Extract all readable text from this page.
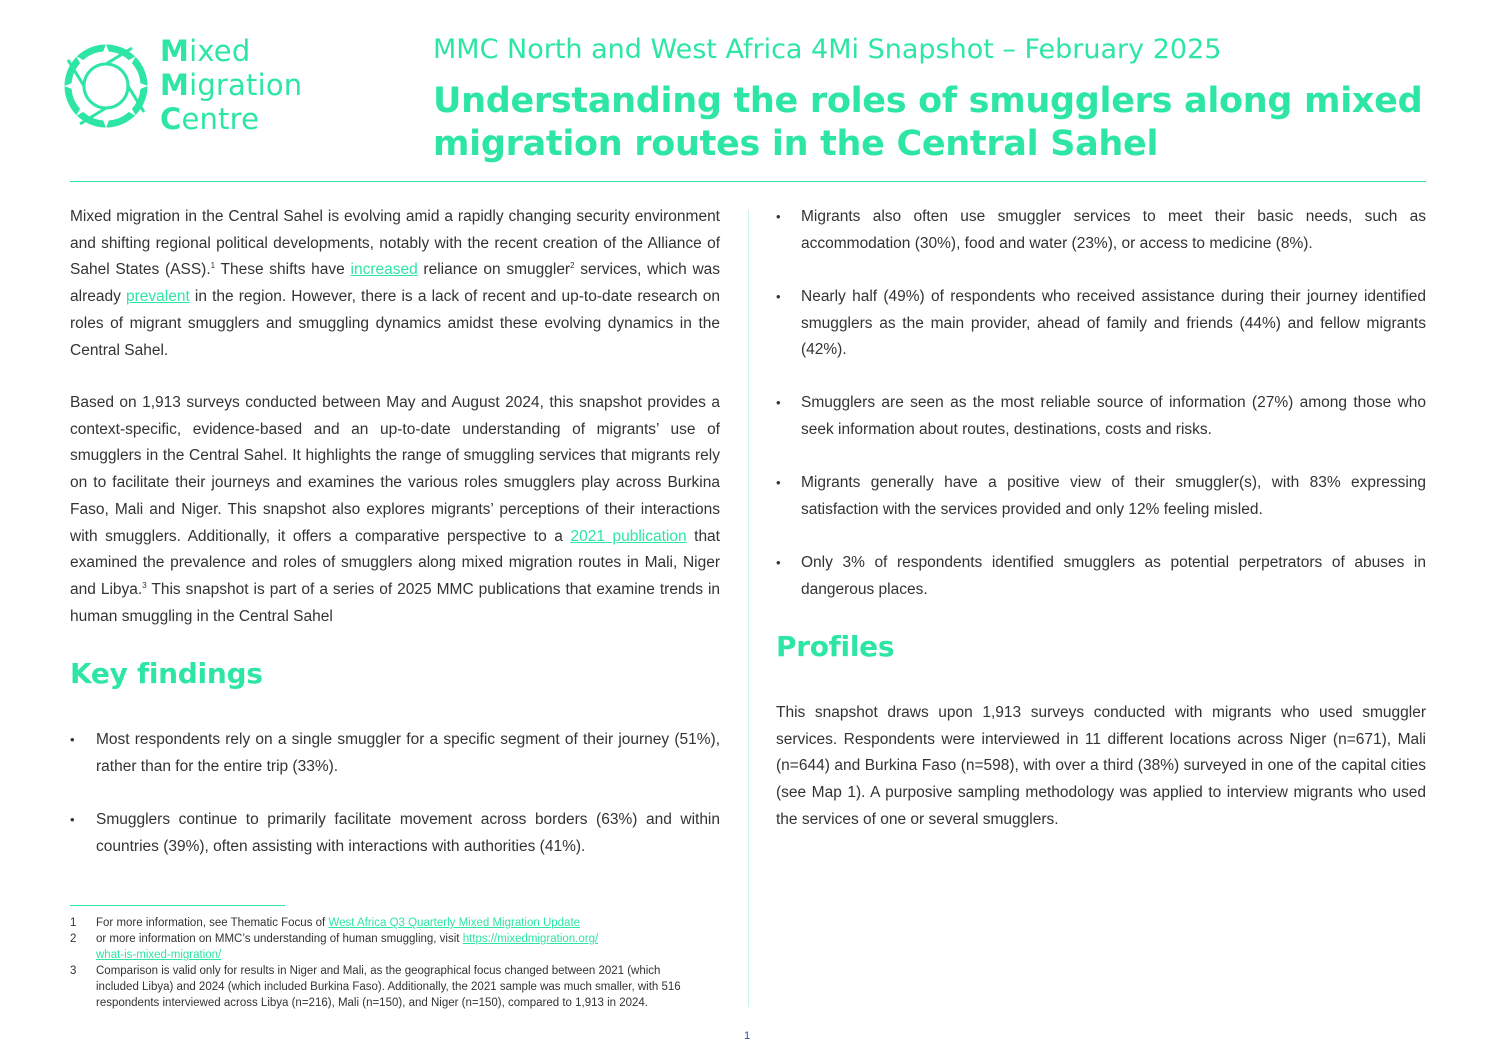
Mixed
Migration
Centre
MMC North and West Africa 4Mi Snapshot – February 2025
Understanding the roles of smugglers along mixed migration routes in the Central Sahel
Mixed migration in the Central Sahel is evolving amid a rapidly changing security environment and shifting regional political developments, notably with the recent creation of the Alliance of Sahel States (ASS).$^1$ These shifts have increased reliance on smuggler$^2$ services, which was already prevalent in the region. However, there is a lack of recent and up-to-date research on roles of migrant smugglers and smuggling dynamics amidst these evolving dynamics in the Central Sahel.
Based on 1,913 surveys conducted between May and August 2024, this snapshot provides a context-specific, evidence-based and an up-to-date understanding of migrants’ use of smugglers in the Central Sahel. It highlights the range of smuggling services that migrants rely on to facilitate their journeys and examines the various roles smugglers play across Burkina Faso, Mali and Niger. This snapshot also explores migrants’ perceptions of their interactions with smugglers. Additionally, it offers a comparative perspective to a 2021 publication that examined the prevalence and roles of smugglers along mixed migration routes in Mali, Niger and Libya.$^3$ This snapshot is part of a series of 2025 MMC publications that examine trends in human smuggling in the Central Sahel
Key findings
•	Most respondents rely on a single smuggler for a specific segment of their journey (51%), rather than for the entire trip (33%).
•	Smugglers continue to primarily facilitate movement across borders (63%) and within countries (39%), often assisting with interactions with authorities (41%).
•	Migrants also often use smuggler services to meet their basic needs, such as accommodation (30%), food and water (23%), or access to medicine (8%).
•	Nearly half (49%) of respondents who received assistance during their journey identified smugglers as the main provider, ahead of family and friends (44%) and fellow migrants (42%).
•	Smugglers are seen as the most reliable source of information (27%) among those who seek information about routes, destinations, costs and risks.
•	Migrants generally have a positive view of their smuggler(s), with 83% expressing satisfaction with the services provided and only 12% feeling misled.
•	Only 3% of respondents identified smugglers as potential perpetrators of abuses in dangerous places.
Profiles
This snapshot draws upon 1,913 surveys conducted with migrants who used smuggler services. Respondents were interviewed in 11 different locations across Niger (n=671), Mali (n=644) and Burkina Faso (n=598), with over a third (38%) surveyed in one of the capital cities (see Map 1). A purposive sampling methodology was applied to interview migrants who used the services of one or several smugglers.
1 For more information, see Thematic Focus of West Africa Q3 Quarterly Mixed Migration Update
2 or more information on MMC’s understanding of human smuggling, visit https://mixedmigration.org/
what-is-mixed-migration/
3 Comparison is valid only for results in Niger and Mali, as the geographical focus changed between 2021 (which
included Libya) and 2024 (which included Burkina Faso). Additionally, the 2021 sample was much smaller, with 516
respondents interviewed across Libya (n=216), Mali (n=150), and Niger (n=150), compared to 1,913 in 2024.
1
